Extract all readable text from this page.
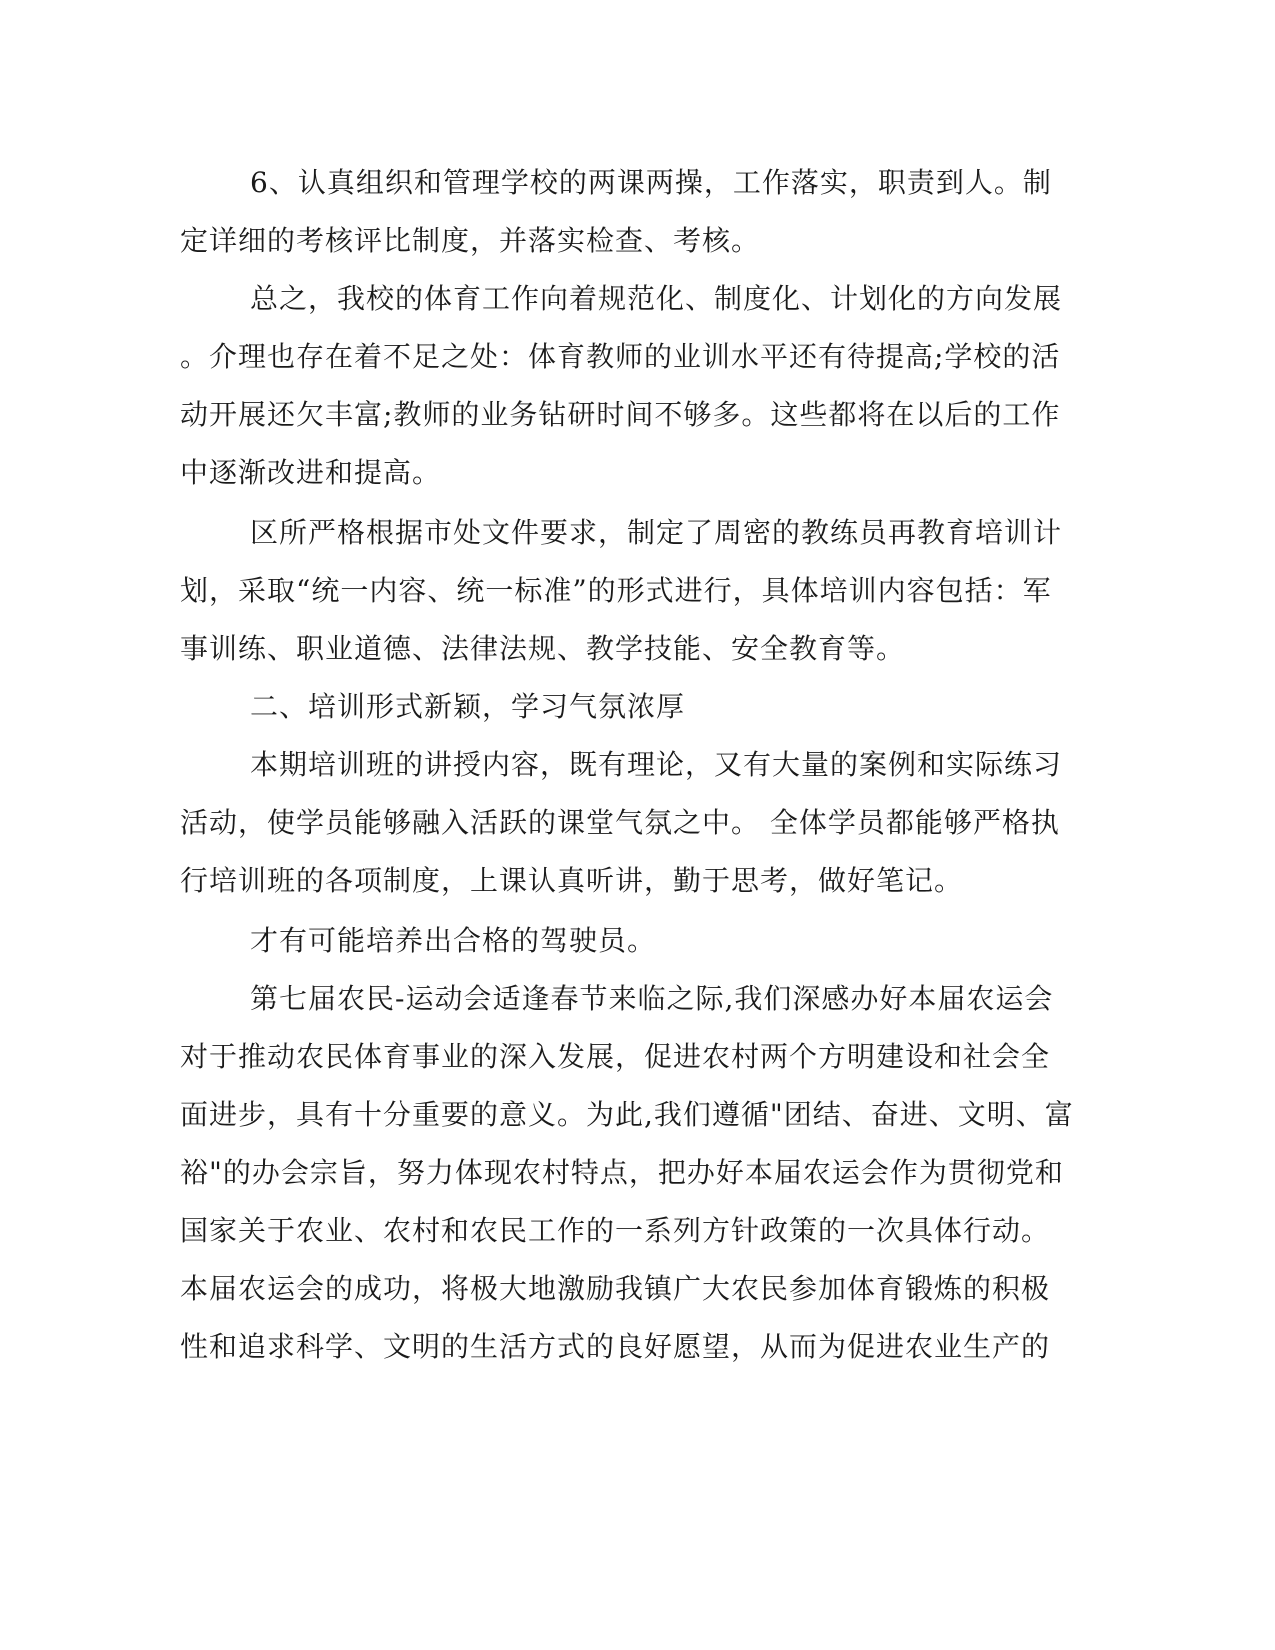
6、认真组织和管理学校的两课两操，工作落实，职责到人。制
定详细的考核评比制度，并落实检查、考核。
总之，我校的体育工作向着规范化、制度化、计划化的方向发展
。介理也存在着不足之处：体育教师的业训水平还有待提高;学校的活
动开展还欠丰富;教师的业务钻研时间不够多。这些都将在以后的工作
中逐渐改进和提高。
区所严格根据市处文件要求，制定了周密的教练员再教育培训计
划，采取“统一内容、统一标准”的形式进行，具体培训内容包括：军
事训练、职业道德、法律法规、教学技能、安全教育等。
二、培训形式新颖，学习气氛浓厚
本期培训班的讲授内容，既有理论，又有大量的案例和实际练习
活动，使学员能够融入活跃的课堂气氛之中。 全体学员都能够严格执
行培训班的各项制度，上课认真听讲，勤于思考，做好笔记。
才有可能培养出合格的驾驶员。
第七届农民-运动会适逢春节来临之际,我们深感办好本届农运会
对于推动农民体育事业的深入发展，促进农村两个方明建设和社会全
面进步，具有十分重要的意义。为此,我们遵循"团结、奋进、文明、富
裕"的办会宗旨，努力体现农村特点，把办好本届农运会作为贯彻党和
国家关于农业、农村和农民工作的一系列方针政策的一次具体行动。
本届农运会的成功，将极大地激励我镇广大农民参加体育锻炼的积极
性和追求科学、文明的生活方式的良好愿望，从而为促进农业生产的
